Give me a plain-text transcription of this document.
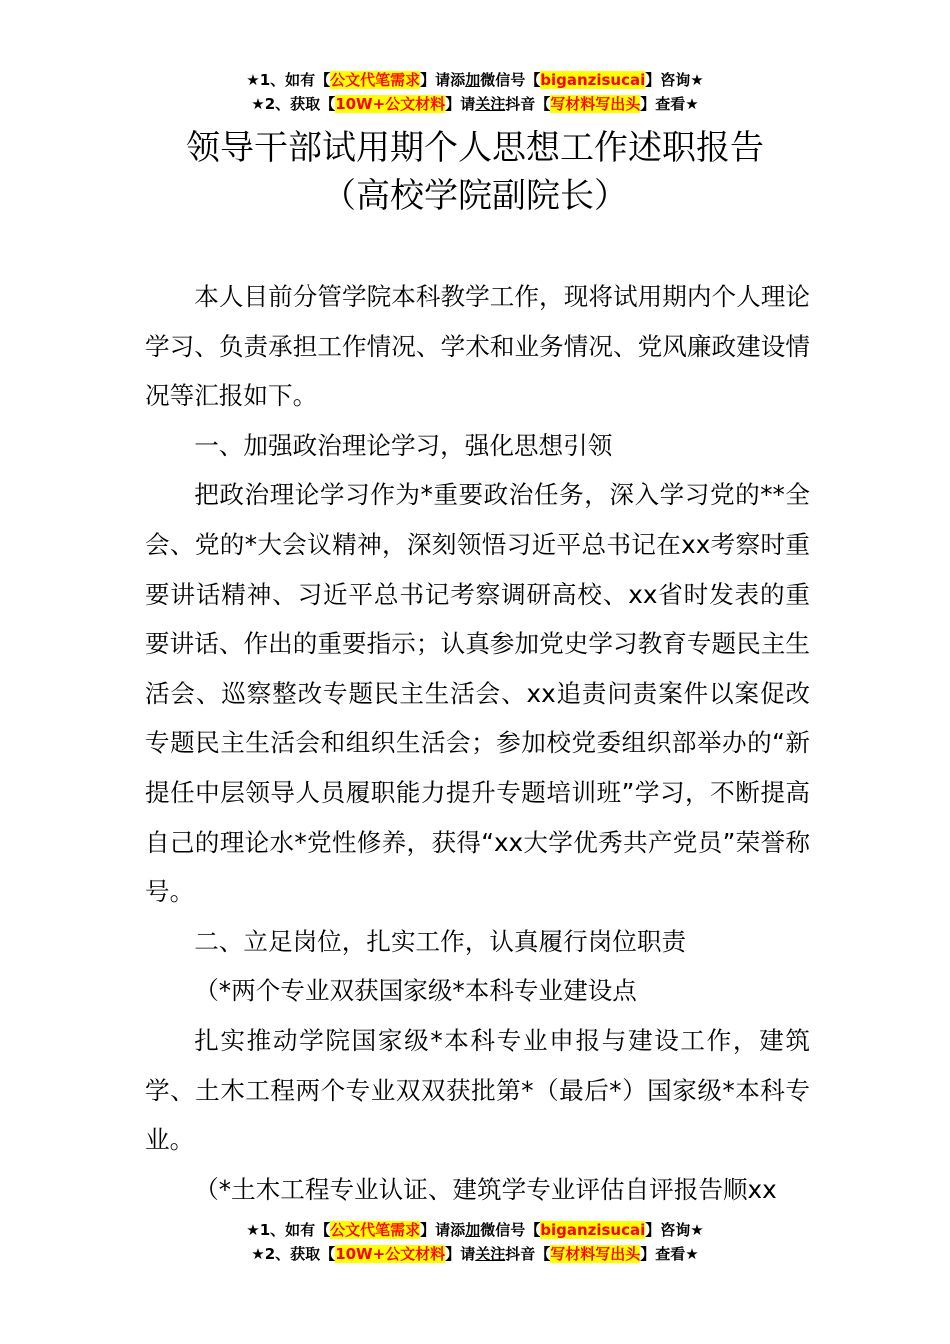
★1、如有【公文代笔需求】请添加微信号【biganzisucai】咨询★
★2、获取【10W+公文材料】请关注抖音【写材料写出头】查看★
领导干部试用期个人思想工作述职报告
（高校学院副院长）

本人目前分管学院本科教学工作，现将试用期内个人理论学习、负责承担工作情况、学术和业务情况、党风廉政建设情况等汇报如下。

一、加强政治理论学习，强化思想引领

把政治理论学习作为*重要政治任务，深入学习党的**全会、党的*大会议精神，深刻领悟习近平总书记在xx考察时重要讲话精神、习近平总书记考察调研高校、xx省时发表的重要讲话、作出的重要指示；认真参加党史学习教育专题民主生活会、巡察整改专题民主生活会、xx追责问责案件以案促改专题民主生活会和组织生活会；参加校党委组织部举办的“新提任中层领导人员履职能力提升专题培训班”学习，不断提高自己的理论水*党性修养，获得“xx大学优秀共产党员”荣誉称号。

二、立足岗位，扎实工作，认真履行岗位职责

（*两个专业双获国家级*本科专业建设点

扎实推动学院国家级*本科专业申报与建设工作，建筑学、土木工程两个专业双双获批第*（最后*）国家级*本科专业。

（*土木工程专业认证、建筑学专业评估自评报告顺xx

★1、如有【公文代笔需求】请添加微信号【biganzisucai】咨询★
★2、获取【10W+公文材料】请关注抖音【写材料写出头】查看★
